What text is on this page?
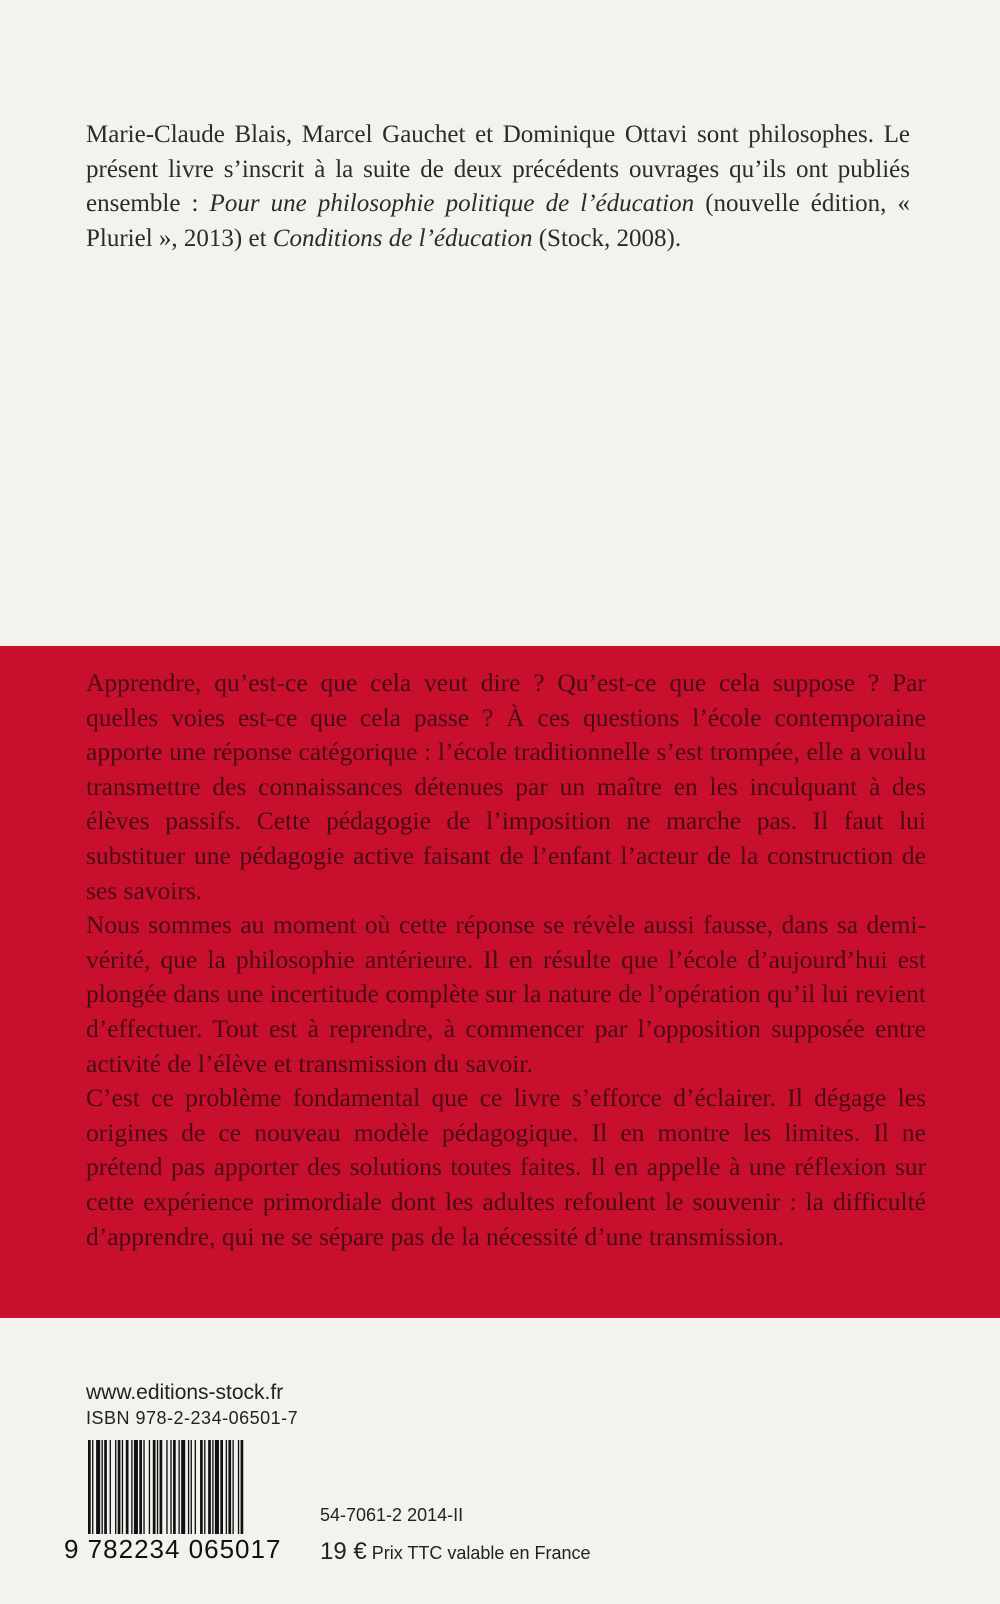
Marie-Claude Blais, Marcel Gauchet et Dominique Ottavi sont philosophes. Le présent livre s’inscrit à la suite de deux précédents ouvrages qu’ils ont publiés ensemble : Pour une philosophie politique de l’éducation (nouvelle édition, « Pluriel », 2013) et Conditions de l’éducation (Stock, 2008).

Apprendre, qu’est-ce que cela veut dire ? Qu’est-ce que cela suppose ? Par quelles voies est-ce que cela passe ? À ces questions l’école contemporaine apporte une réponse catégorique : l’école traditionnelle s’est trompée, elle a voulu transmettre des connaissances détenues par un maître en les inculquant à des élèves passifs. Cette pédagogie de l’imposition ne marche pas. Il faut lui substituer une pédagogie active faisant de l’enfant l’acteur de la construction de ses savoirs.

Nous sommes au moment où cette réponse se révèle aussi fausse, dans sa demi-vérité, que la philosophie antérieure. Il en résulte que l’école d’aujourd’hui est plongée dans une incertitude complète sur la nature de l’opération qu’il lui revient d’effectuer. Tout est à reprendre, à commencer par l’opposition supposée entre activité de l’élève et transmission du savoir.

C’est ce problème fondamental que ce livre s’efforce d’éclairer. Il dégage les origines de ce nouveau modèle pédagogique. Il en montre les limites. Il ne prétend pas apporter des solutions toutes faites. Il en appelle à une réflexion sur cette expérience primordiale dont les adultes refoulent le souvenir : la difficulté d’apprendre, qui ne se sépare pas de la nécessité d’une transmission.

www.editions-stock.fr
ISBN 978-2-234-06501-7
9 782234 065017
54-7061-2 2014-II
19 € Prix TTC valable en France
